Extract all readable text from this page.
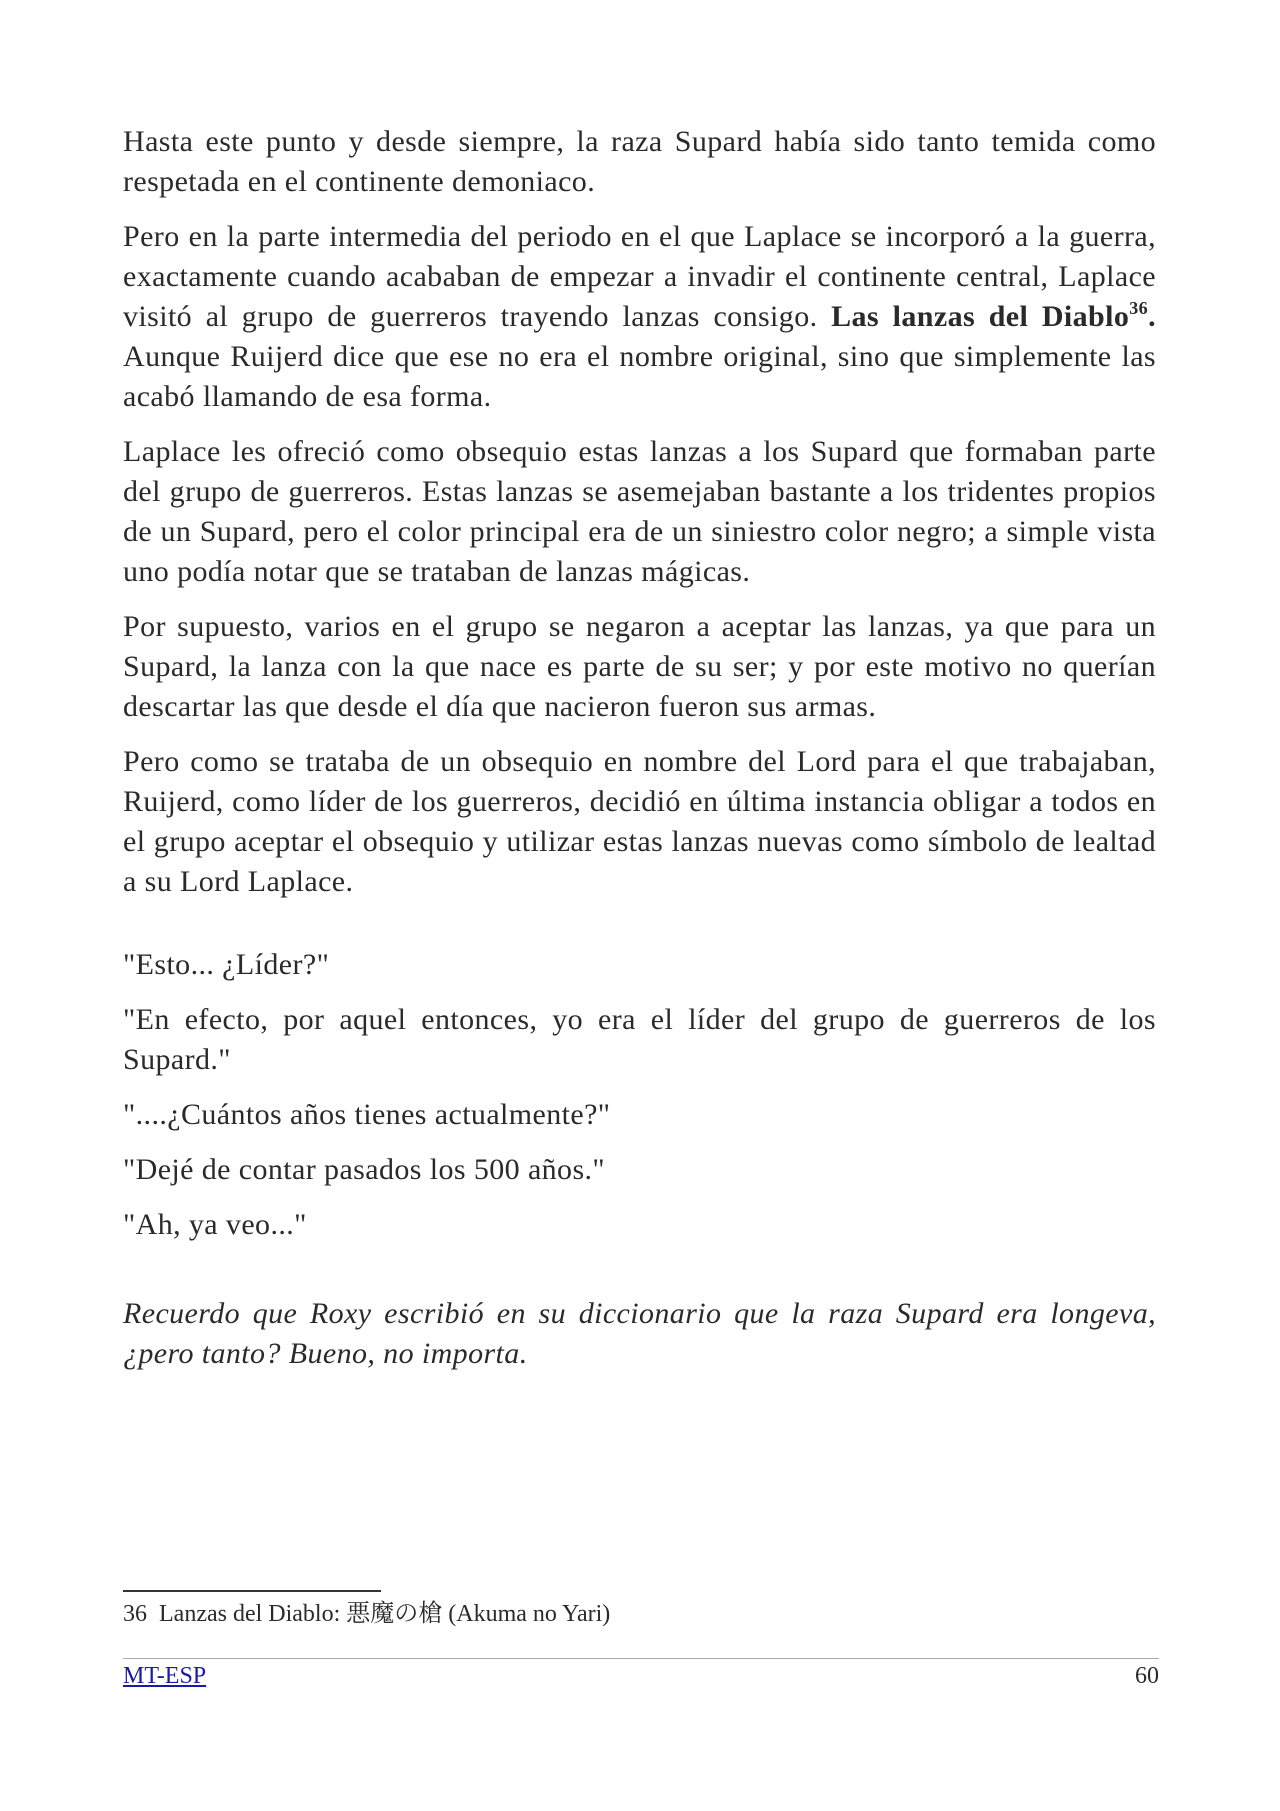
Hasta este punto y desde siempre, la raza Supard había sido tanto temida como respetada en el continente demoniaco.

Pero en la parte intermedia del periodo en el que Laplace se incorporó a la guerra, exactamente cuando acababan de empezar a invadir el continente central, Laplace visitó al grupo de guerreros trayendo lanzas consigo. Las lanzas del Diablo$^{36}$. Aunque Ruijerd dice que ese no era el nombre original, sino que simplemente las acabó llamando de esa forma.

Laplace les ofreció como obsequio estas lanzas a los Supard que formaban parte del grupo de guerreros. Estas lanzas se asemejaban bastante a los tridentes propios de un Supard, pero el color principal era de un siniestro color negro; a simple vista uno podía notar que se trataban de lanzas mágicas.

Por supuesto, varios en el grupo se negaron a aceptar las lanzas, ya que para un Supard, la lanza con la que nace es parte de su ser; y por este motivo no querían descartar las que desde el día que nacieron fueron sus armas.

Pero como se trataba de un obsequio en nombre del Lord para el que trabajaban, Ruijerd, como líder de los guerreros, decidió en última instancia obligar a todos en el grupo aceptar el obsequio y utilizar estas lanzas nuevas como símbolo de lealtad a su Lord Laplace.

"Esto... ¿Líder?"

"En efecto, por aquel entonces, yo era el líder del grupo de guerreros de los Supard."

"....¿Cuántos años tienes actualmente?"

"Dejé de contar pasados los 500 años."

"Ah, ya veo..."

Recuerdo que Roxy escribió en su diccionario que la raza Supard era longeva, ¿pero tanto? Bueno, no importa.

36 Lanzas del Diablo: 悪魔の槍 (Akuma no Yari)
MT-ESP	60
